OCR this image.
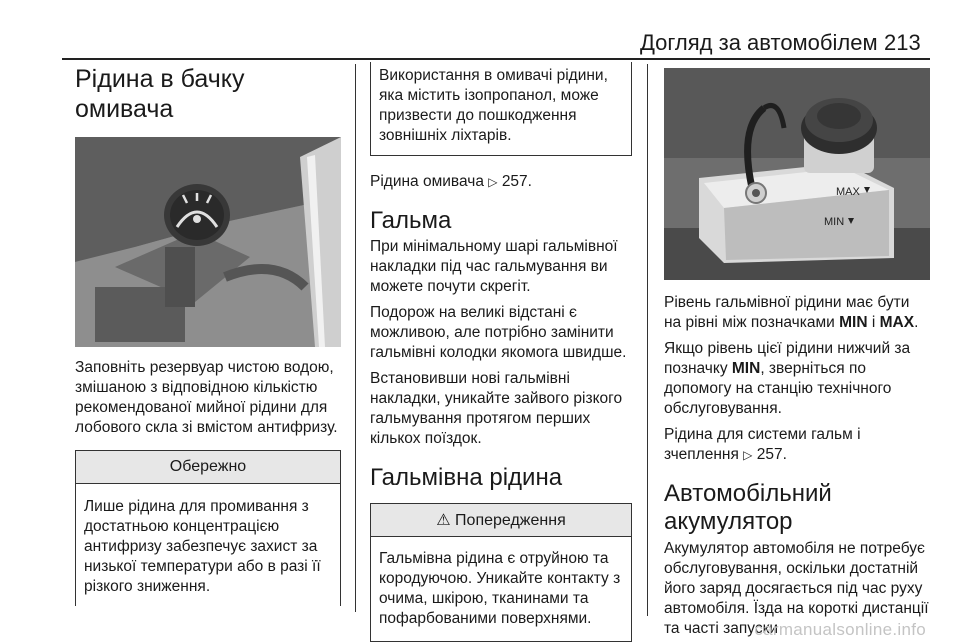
Догляд за автомобілем 213
Рідина в бачку омивача

Заповніть резервуар чистою водою, змішаною з відповідною кількістю рекомендованої мийної рідини для лобового скла зі вмістом антифризу.

Обережно
Лише рідина для промивання з достатньою концентрацією антифризу забезпечує захист за низької температури або в разі її різкого зниження.
Використання в омивачі рідини, яка містить ізопропанол, може призвести до пошкодження зовнішніх ліхтарів.

Рідина омивача ▷ 257.

Гальма

При мінімальному шарі гальмівної накладки під час гальмування ви можете почути скрегіт.

Подорож на великі відстані є можливою, але потрібно замінити гальмівні колодки якомога швидше.

Встановивши нові гальмівні накладки, уникайте зайвого різкого гальмування протягом перших кількох поїздок.

Гальмівна рідина
⚠ Попередження
Гальмівна рідина є отруйною та кородуючою. Уникайте контакту з очима, шкірою, тканинами та пофарбованими поверхнями.
MAX
MIN

Рівень гальмівної рідини має бути на рівні між позначками MIN і MAX.

Якщо рівень цієї рідини нижчий за позначку MIN, зверніться по допомогу на станцію технічного обслуговування.

Рідина для системи гальм і зчеплення ▷ 257.

Автомобільний акумулятор

Акумулятор автомобіля не потребує обслуговування, оскільки достатній його заряд досягається під час руху автомобіля. Їзда на короткі дистанції та часті запуски

carmanualsonline.info
